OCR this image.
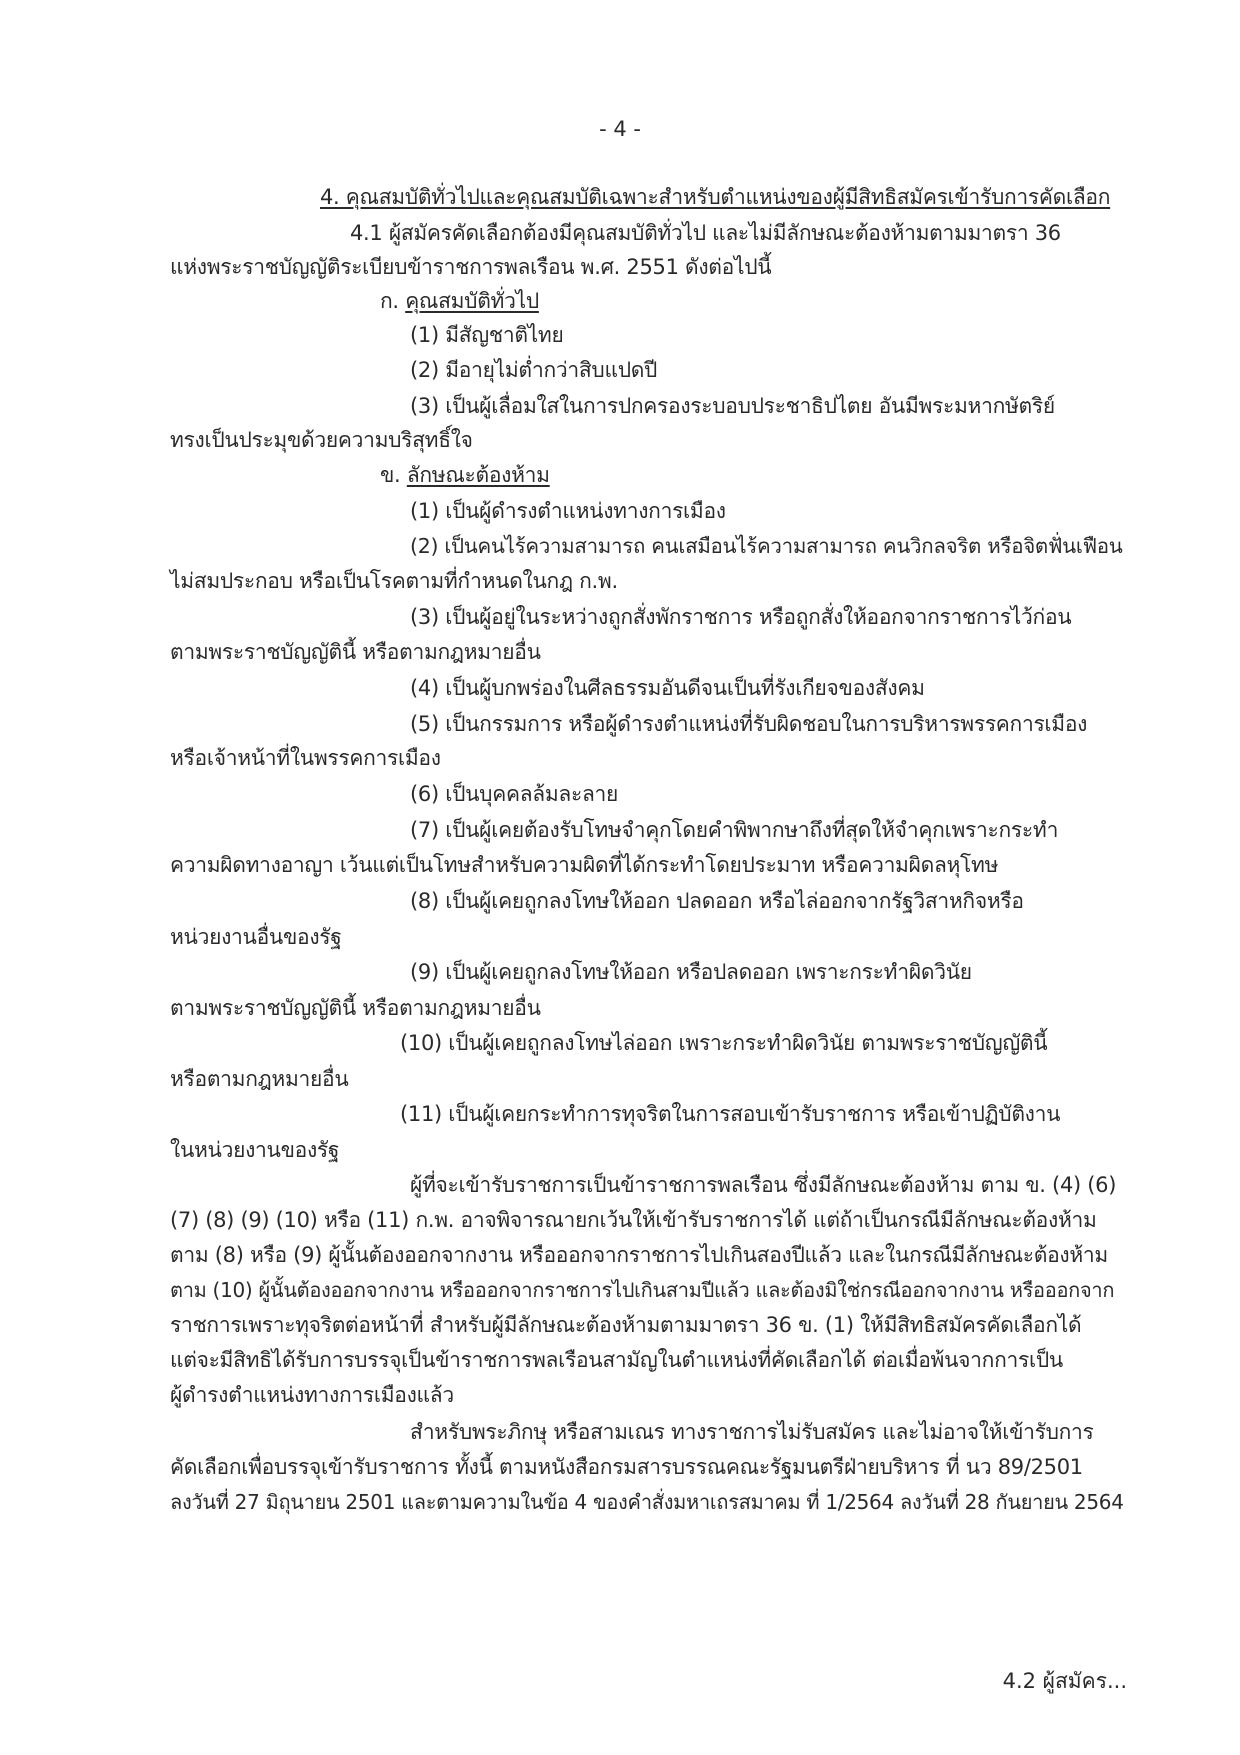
- 4 -
4. คุณสมบัติทั่วไปและคุณสมบัติเฉพาะสำหรับตำแหน่งของผู้มีสิทธิสมัครเข้ารับการคัดเลือก
4.1 ผู้สมัครคัดเลือกต้องมีคุณสมบัติทั่วไป และไม่มีลักษณะต้องห้ามตามมาตรา 36
แห่งพระราชบัญญัติระเบียบข้าราชการพลเรือน พ.ศ. 2551 ดังต่อไปนี้
ก. คุณสมบัติทั่วไป
(1) มีสัญชาติไทย
(2) มีอายุไม่ต่ำกว่าสิบแปดปี
(3) เป็นผู้เลื่อมใสในการปกครองระบอบประชาธิปไตย อันมีพระมหากษัตริย์
ทรงเป็นประมุขด้วยความบริสุทธิ์ใจ
ข. ลักษณะต้องห้าม
(1) เป็นผู้ดำรงตำแหน่งทางการเมือง
(2) เป็นคนไร้ความสามารถ คนเสมือนไร้ความสามารถ คนวิกลจริต หรือจิตฟั่นเฟือน
ไม่สมประกอบ หรือเป็นโรคตามที่กำหนดในกฎ ก.พ.
(3) เป็นผู้อยู่ในระหว่างถูกสั่งพักราชการ หรือถูกสั่งให้ออกจากราชการไว้ก่อน
ตามพระราชบัญญัตินี้ หรือตามกฎหมายอื่น
(4) เป็นผู้บกพร่องในศีลธรรมอันดีจนเป็นที่รังเกียจของสังคม
(5) เป็นกรรมการ หรือผู้ดำรงตำแหน่งที่รับผิดชอบในการบริหารพรรคการเมือง
หรือเจ้าหน้าที่ในพรรคการเมือง
(6) เป็นบุคคลล้มละลาย
(7) เป็นผู้เคยต้องรับโทษจำคุกโดยคำพิพากษาถึงที่สุดให้จำคุกเพราะกระทำ
ความผิดทางอาญา เว้นแต่เป็นโทษสำหรับความผิดที่ได้กระทำโดยประมาท หรือความผิดลหุโทษ
(8) เป็นผู้เคยถูกลงโทษให้ออก ปลดออก หรือไล่ออกจากรัฐวิสาหกิจหรือ
หน่วยงานอื่นของรัฐ
(9) เป็นผู้เคยถูกลงโทษให้ออก หรือปลดออก เพราะกระทำผิดวินัย
ตามพระราชบัญญัตินี้ หรือตามกฎหมายอื่น
(10) เป็นผู้เคยถูกลงโทษไล่ออก เพราะกระทำผิดวินัย ตามพระราชบัญญัตินี้
หรือตามกฎหมายอื่น
(11) เป็นผู้เคยกระทำการทุจริตในการสอบเข้ารับราชการ หรือเข้าปฏิบัติงาน
ในหน่วยงานของรัฐ
ผู้ที่จะเข้ารับราชการเป็นข้าราชการพลเรือน ซึ่งมีลักษณะต้องห้าม ตาม ข. (4) (6)
(7) (8) (9) (10) หรือ (11) ก.พ. อาจพิจารณายกเว้นให้เข้ารับราชการได้ แต่ถ้าเป็นกรณีมีลักษณะต้องห้าม
ตาม (8) หรือ (9) ผู้นั้นต้องออกจากงาน หรือออกจากราชการไปเกินสองปีแล้ว และในกรณีมีลักษณะต้องห้าม
ตาม (10) ผู้นั้นต้องออกจากงาน หรือออกจากราชการไปเกินสามปีแล้ว และต้องมิใช่กรณีออกจากงาน หรือออกจาก
ราชการเพราะทุจริตต่อหน้าที่ สำหรับผู้มีลักษณะต้องห้ามตามมาตรา 36 ข. (1) ให้มีสิทธิสมัครคัดเลือกได้
แต่จะมีสิทธิได้รับการบรรจุเป็นข้าราชการพลเรือนสามัญในตำแหน่งที่คัดเลือกได้ ต่อเมื่อพ้นจากการเป็น
ผู้ดำรงตำแหน่งทางการเมืองแล้ว
สำหรับพระภิกษุ หรือสามเณร ทางราชการไม่รับสมัคร และไม่อาจให้เข้ารับการ
คัดเลือกเพื่อบรรจุเข้ารับราชการ ทั้งนี้ ตามหนังสือกรมสารบรรณคณะรัฐมนตรีฝ่ายบริหาร ที่ นว 89/2501
ลงวันที่ 27 มิถุนายน 2501 และตามความในข้อ 4 ของคำสั่งมหาเถรสมาคม ที่ 1/2564 ลงวันที่ 28 กันยายน 2564
4.2 ผู้สมัคร...
